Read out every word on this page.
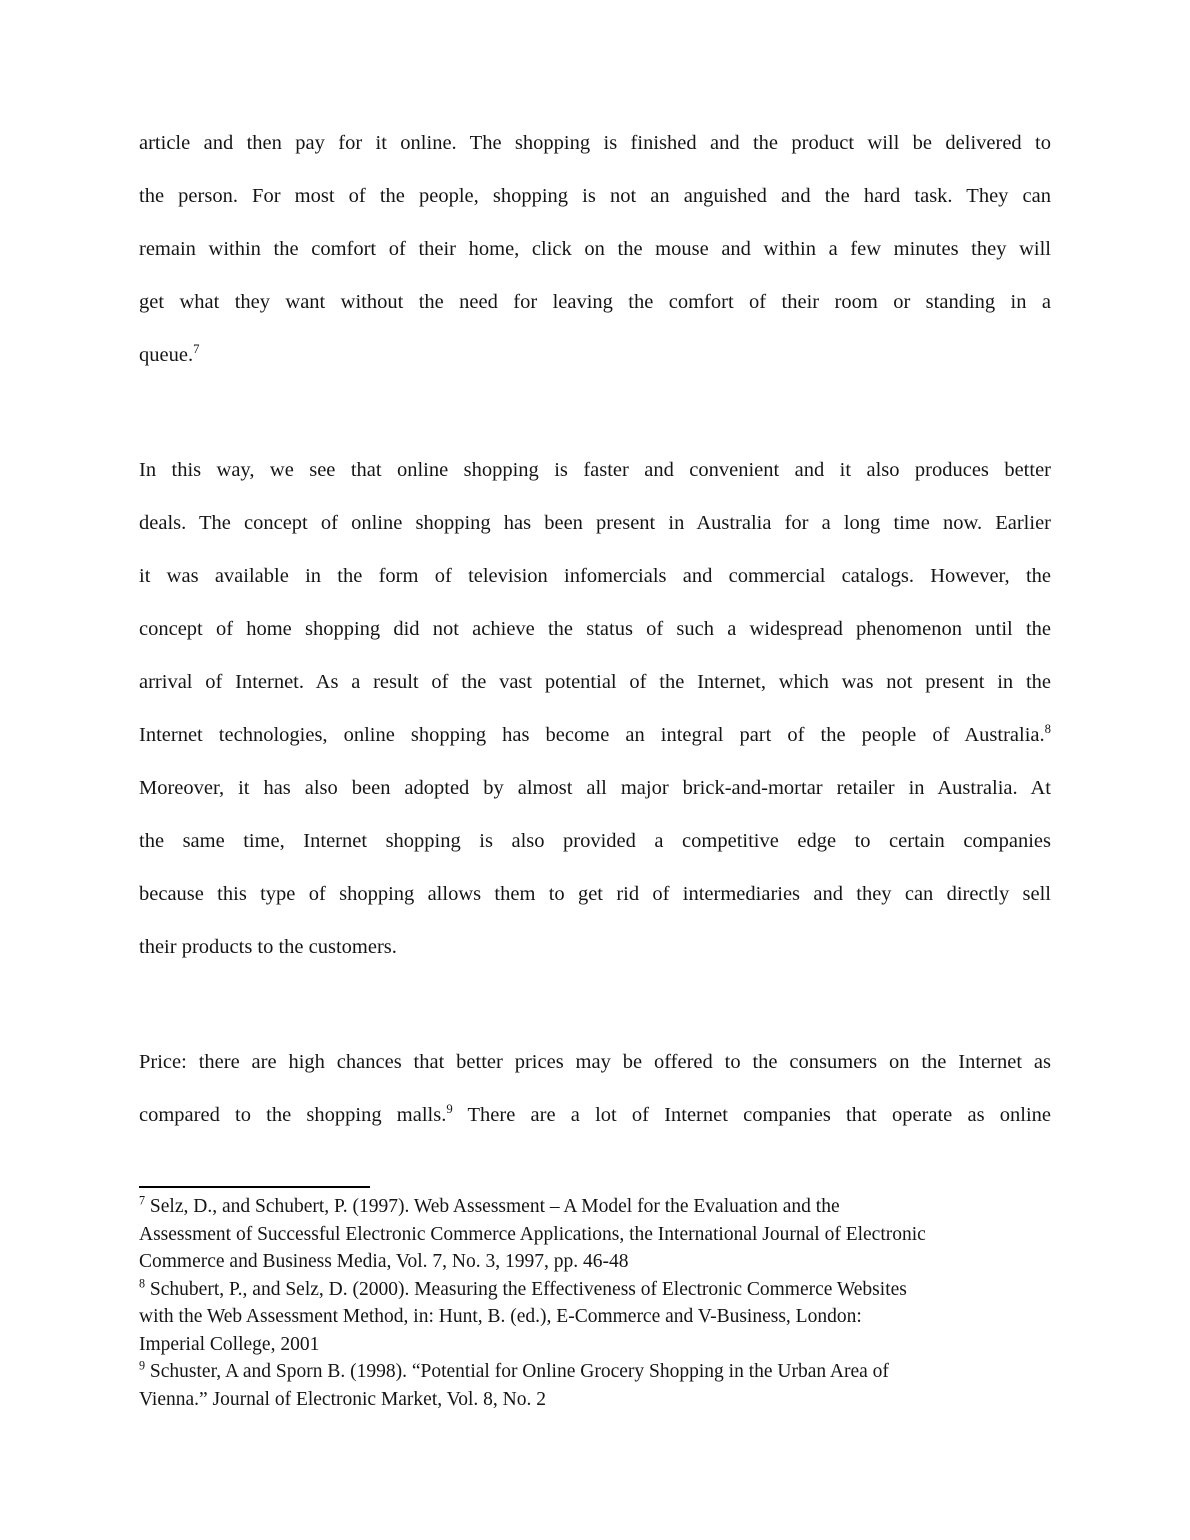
article and then pay for it online. The shopping is finished and the product will be delivered to
the person. For most of the people, shopping is not an anguished and the hard task. They can
remain within the comfort of their home, click on the mouse and within a few minutes they will
get what they want without the need for leaving the comfort of their room or standing in a
queue.$^7$
In this way, we see that online shopping is faster and convenient and it also produces better
deals. The concept of online shopping has been present in Australia for a long time now. Earlier
it was available in the form of television infomercials and commercial catalogs. However, the
concept of home shopping did not achieve the status of such a widespread phenomenon until the
arrival of Internet. As a result of the vast potential of the Internet, which was not present in the
Internet technologies, online shopping has become an integral part of the people of Australia.$^8$
Moreover, it has also been adopted by almost all major brick-and-mortar retailer in Australia. At
the same time, Internet shopping is also provided a competitive edge to certain companies
because this type of shopping allows them to get rid of intermediaries and they can directly sell
their products to the customers.
Price: there are high chances that better prices may be offered to the consumers on the Internet as
compared to the shopping malls.$^9$ There are a lot of Internet companies that operate as online
$^7$ Selz, D., and Schubert, P. (1997). Web Assessment – A Model for the Evaluation and the
Assessment of Successful Electronic Commerce Applications, the International Journal of Electronic
Commerce and Business Media, Vol. 7, No. 3, 1997, pp. 46-48
$^8$ Schubert, P., and Selz, D. (2000). Measuring the Effectiveness of Electronic Commerce Websites
with the Web Assessment Method, in: Hunt, B. (ed.), E-Commerce and V-Business, London:
Imperial College, 2001
$^9$ Schuster, A and Sporn B. (1998). “Potential for Online Grocery Shopping in the Urban Area of
Vienna.” Journal of Electronic Market, Vol. 8, No. 2
